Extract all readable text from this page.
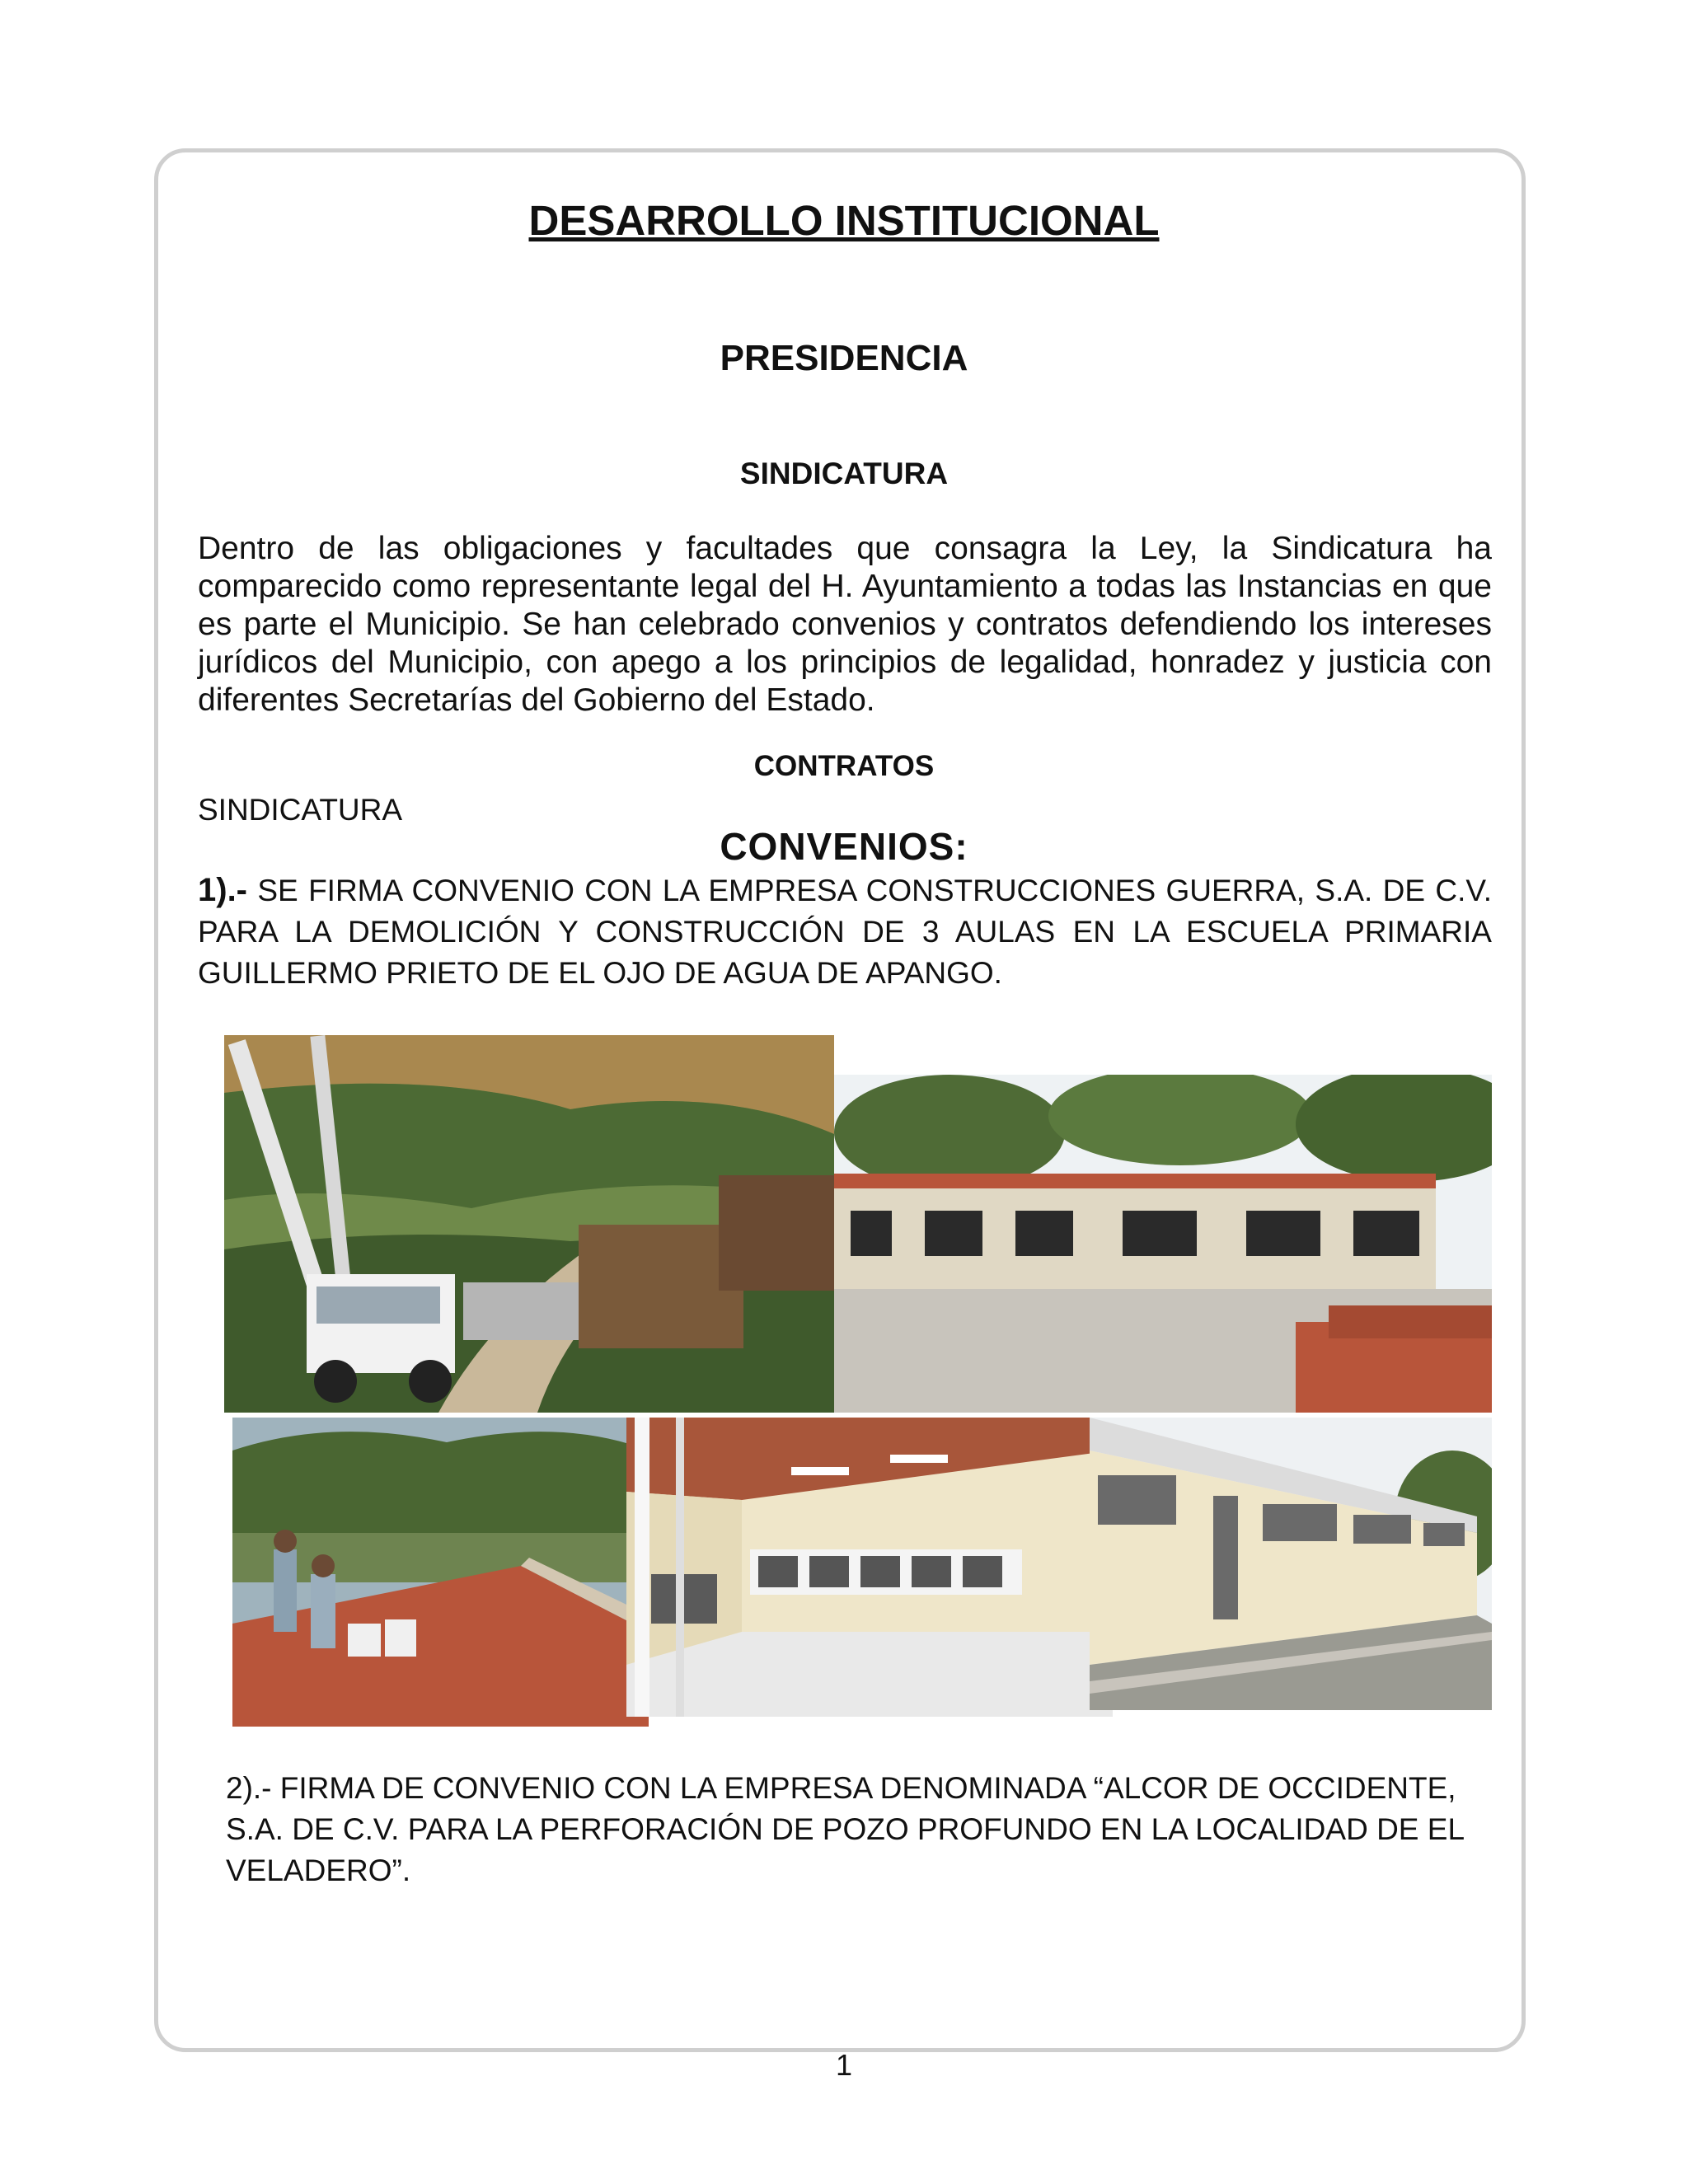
DESARROLLO INSTITUCIONAL
PRESIDENCIA
SINDICATURA

Dentro de las obligaciones y facultades que consagra la Ley, la Sindicatura ha comparecido como representante legal del H. Ayuntamiento a todas las Instancias en que es parte el Municipio. Se han celebrado convenios y contratos defendiendo los intereses jurídicos del Municipio, con apego a los principios de legalidad, honradez y justicia con diferentes Secretarías del Gobierno del Estado.

CONTRATOS
SINDICATURA
CONVENIOS:

1).- SE FIRMA CONVENIO CON LA EMPRESA CONSTRUCCIONES GUERRA, S.A. DE C.V. PARA LA DEMOLICIÓN Y CONSTRUCCIÓN DE 3 AULAS EN LA ESCUELA PRIMARIA GUILLERMO PRIETO DE EL OJO DE AGUA DE APANGO.

2).- FIRMA DE CONVENIO CON LA EMPRESA DENOMINADA “ALCOR DE OCCIDENTE, S.A. DE C.V. PARA LA PERFORACIÓN DE POZO PROFUNDO EN LA LOCALIDAD DE EL VELADERO”.

1
